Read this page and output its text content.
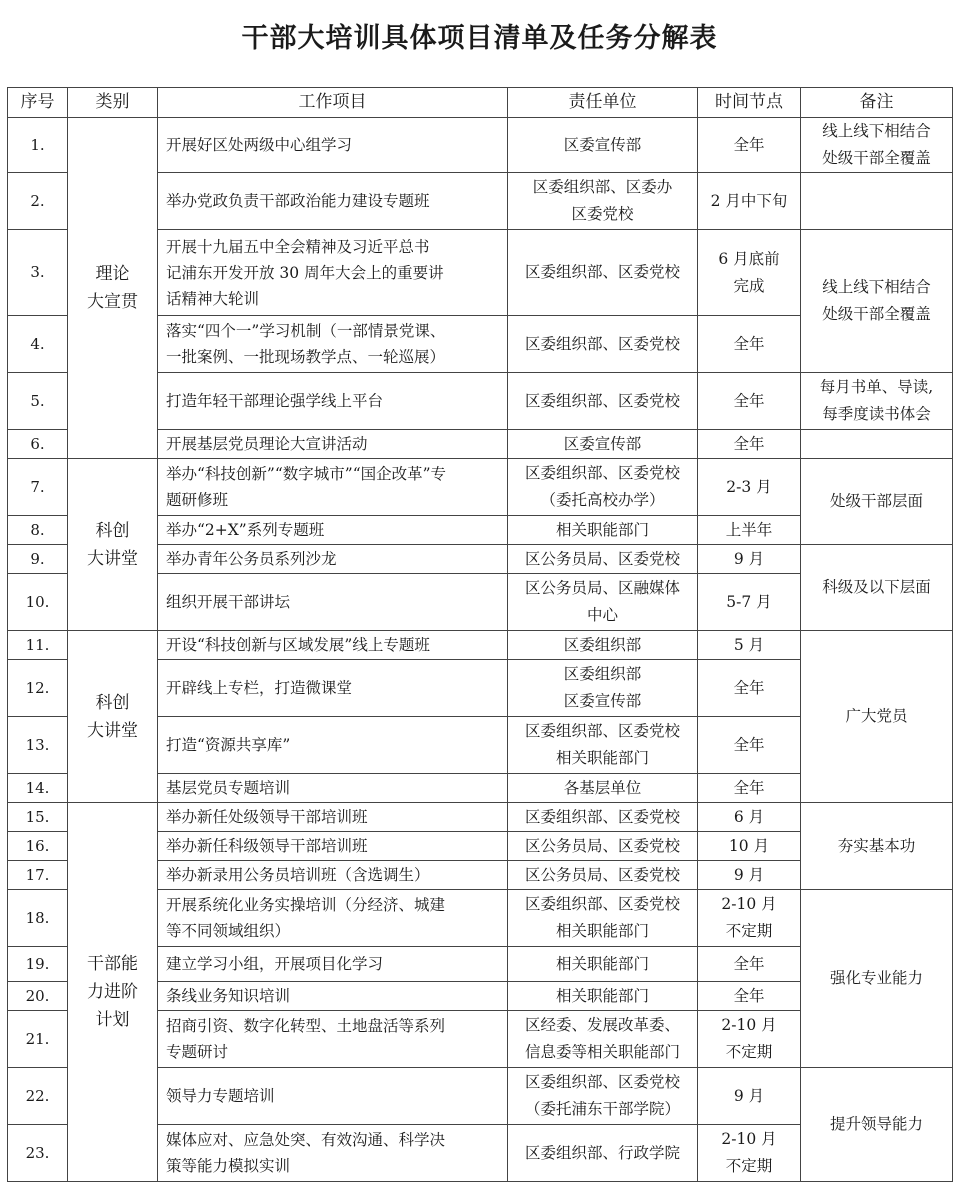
干部大培训具体项目清单及任务分解表
序号	类别	工作项目	责任单位	时间节点	备注	
1.	理论
大宣贯	开展好区处两级中心组学习	区委宣传部	全年	线上线下相结合
处级干部全覆盖	

2.		举办党政负责干部政治能力建设专题班	区委组织部、区委办
区委党校	2 月中下旬		

3.		开展十九届五中全会精神及习近平总书
记浦东开发开放 30 周年大会上的重要讲
话精神大轮训	区委组织部、区委党校	6 月底前
完成	线上线下相结合
处级干部全覆盖	

4.		落实“四个一”学习机制（一部情景党课、
一批案例、一批现场教学点、一轮巡展）	区委组织部、区委党校	全年		

5.		打造年轻干部理论强学线上平台	区委组织部、区委党校	全年	每月书单、导读,
每季度读书体会	

6.		开展基层党员理论大宣讲活动	区委宣传部	全年		

7.	科创
大讲堂	举办“科技创新”“数字城市”“国企改革”专
题研修班	区委组织部、区委党校
（委托高校办学）	2-3 月	处级干部层面	

8.		举办“2+X”系列专题班	相关职能部门	上半年		

9.		举办青年公务员系列沙龙	区公务员局、区委党校	9 月	科级及以下层面	

10.		组织开展干部讲坛	区公务员局、区融媒体
中心	5-7 月		

11.	科创
大讲堂	开设“科技创新与区域发展”线上专题班	区委组织部	5 月	广大党员	

12.		开辟线上专栏，打造微课堂	区委组织部
区委宣传部	全年		

13.		打造“资源共享库”	区委组织部、区委党校
相关职能部门	全年		

14.		基层党员专题培训	各基层单位	全年		

15.	干部能
力进阶
计划	举办新任处级领导干部培训班	区委组织部、区委党校	6 月	夯实基本功	

16.		举办新任科级领导干部培训班	区公务员局、区委党校	10 月		

17.		举办新录用公务员培训班（含选调生）	区公务员局、区委党校	9 月		

18.		开展系统化业务实操培训（分经济、城建
等不同领域组织）	区委组织部、区委党校
相关职能部门	2-10 月
不定期	强化专业能力	

19.		建立学习小组，开展项目化学习	相关职能部门	全年		

20.		条线业务知识培训	相关职能部门	全年		

21.		招商引资、数字化转型、土地盘活等系列
专题研讨	区经委、发展改革委、
信息委等相关职能部门	2-10 月
不定期		

22.		领导力专题培训	区委组织部、区委党校
（委托浦东干部学院）	9 月	提升领导能力	

23.		媒体应对、应急处突、有效沟通、科学决
策等能力模拟实训	区委组织部、行政学院	2-10 月
不定期		
